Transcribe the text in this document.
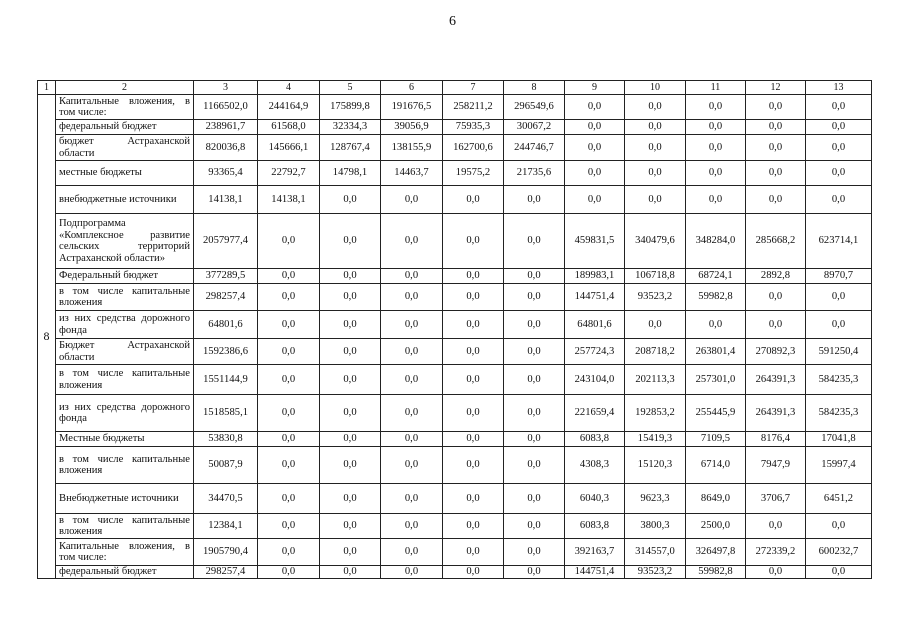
6
1	2	3	4	5	6	7	8	9	10	11	12	13
8	Капитальные вложения, в том числе:	1166502,0	244164,9	175899,8	191676,5	258211,2	296549,6	0,0	0,0	0,0	0,0	0,0
	федеральный бюджет	238961,7	61568,0	32334,3	39056,9	75935,3	30067,2	0,0	0,0	0,0	0,0	0,0
	бюджет Астраханской области	820036,8	145666,1	128767,4	138155,9	162700,6	244746,7	0,0	0,0	0,0	0,0	0,0
	местные бюджеты	93365,4	22792,7	14798,1	14463,7	19575,2	21735,6	0,0	0,0	0,0	0,0	0,0
	внебюджетные источники	14138,1	14138,1	0,0	0,0	0,0	0,0	0,0	0,0	0,0	0,0	0,0
	Подпрограмма «Комплексное развитие сельских территорий Астраханской области»	2057977,4	0,0	0,0	0,0	0,0	0,0	459831,5	340479,6	348284,0	285668,2	623714,1
	Федеральный бюджет	377289,5	0,0	0,0	0,0	0,0	0,0	189983,1	106718,8	68724,1	2892,8	8970,7
	в том числе капитальные вложения	298257,4	0,0	0,0	0,0	0,0	0,0	144751,4	93523,2	59982,8	0,0	0,0
	из них средства дорожного фонда	64801,6	0,0	0,0	0,0	0,0	0,0	64801,6	0,0	0,0	0,0	0,0
	Бюджет Астраханской области	1592386,6	0,0	0,0	0,0	0,0	0,0	257724,3	208718,2	263801,4	270892,3	591250,4
	в том числе капитальные вложения	1551144,9	0,0	0,0	0,0	0,0	0,0	243104,0	202113,3	257301,0	264391,3	584235,3
	из них средства дорожного фонда	1518585,1	0,0	0,0	0,0	0,0	0,0	221659,4	192853,2	255445,9	264391,3	584235,3
	Местные бюджеты	53830,8	0,0	0,0	0,0	0,0	0,0	6083,8	15419,3	7109,5	8176,4	17041,8
	в том числе капитальные вложения	50087,9	0,0	0,0	0,0	0,0	0,0	4308,3	15120,3	6714,0	7947,9	15997,4
	Внебюджетные источники	34470,5	0,0	0,0	0,0	0,0	0,0	6040,3	9623,3	8649,0	3706,7	6451,2
	в том числе капитальные вложения	12384,1	0,0	0,0	0,0	0,0	0,0	6083,8	3800,3	2500,0	0,0	0,0
	Капитальные вложения, в том числе:	1905790,4	0,0	0,0	0,0	0,0	0,0	392163,7	314557,0	326497,8	272339,2	600232,7
	федеральный бюджет	298257,4	0,0	0,0	0,0	0,0	0,0	144751,4	93523,2	59982,8	0,0	0,0
